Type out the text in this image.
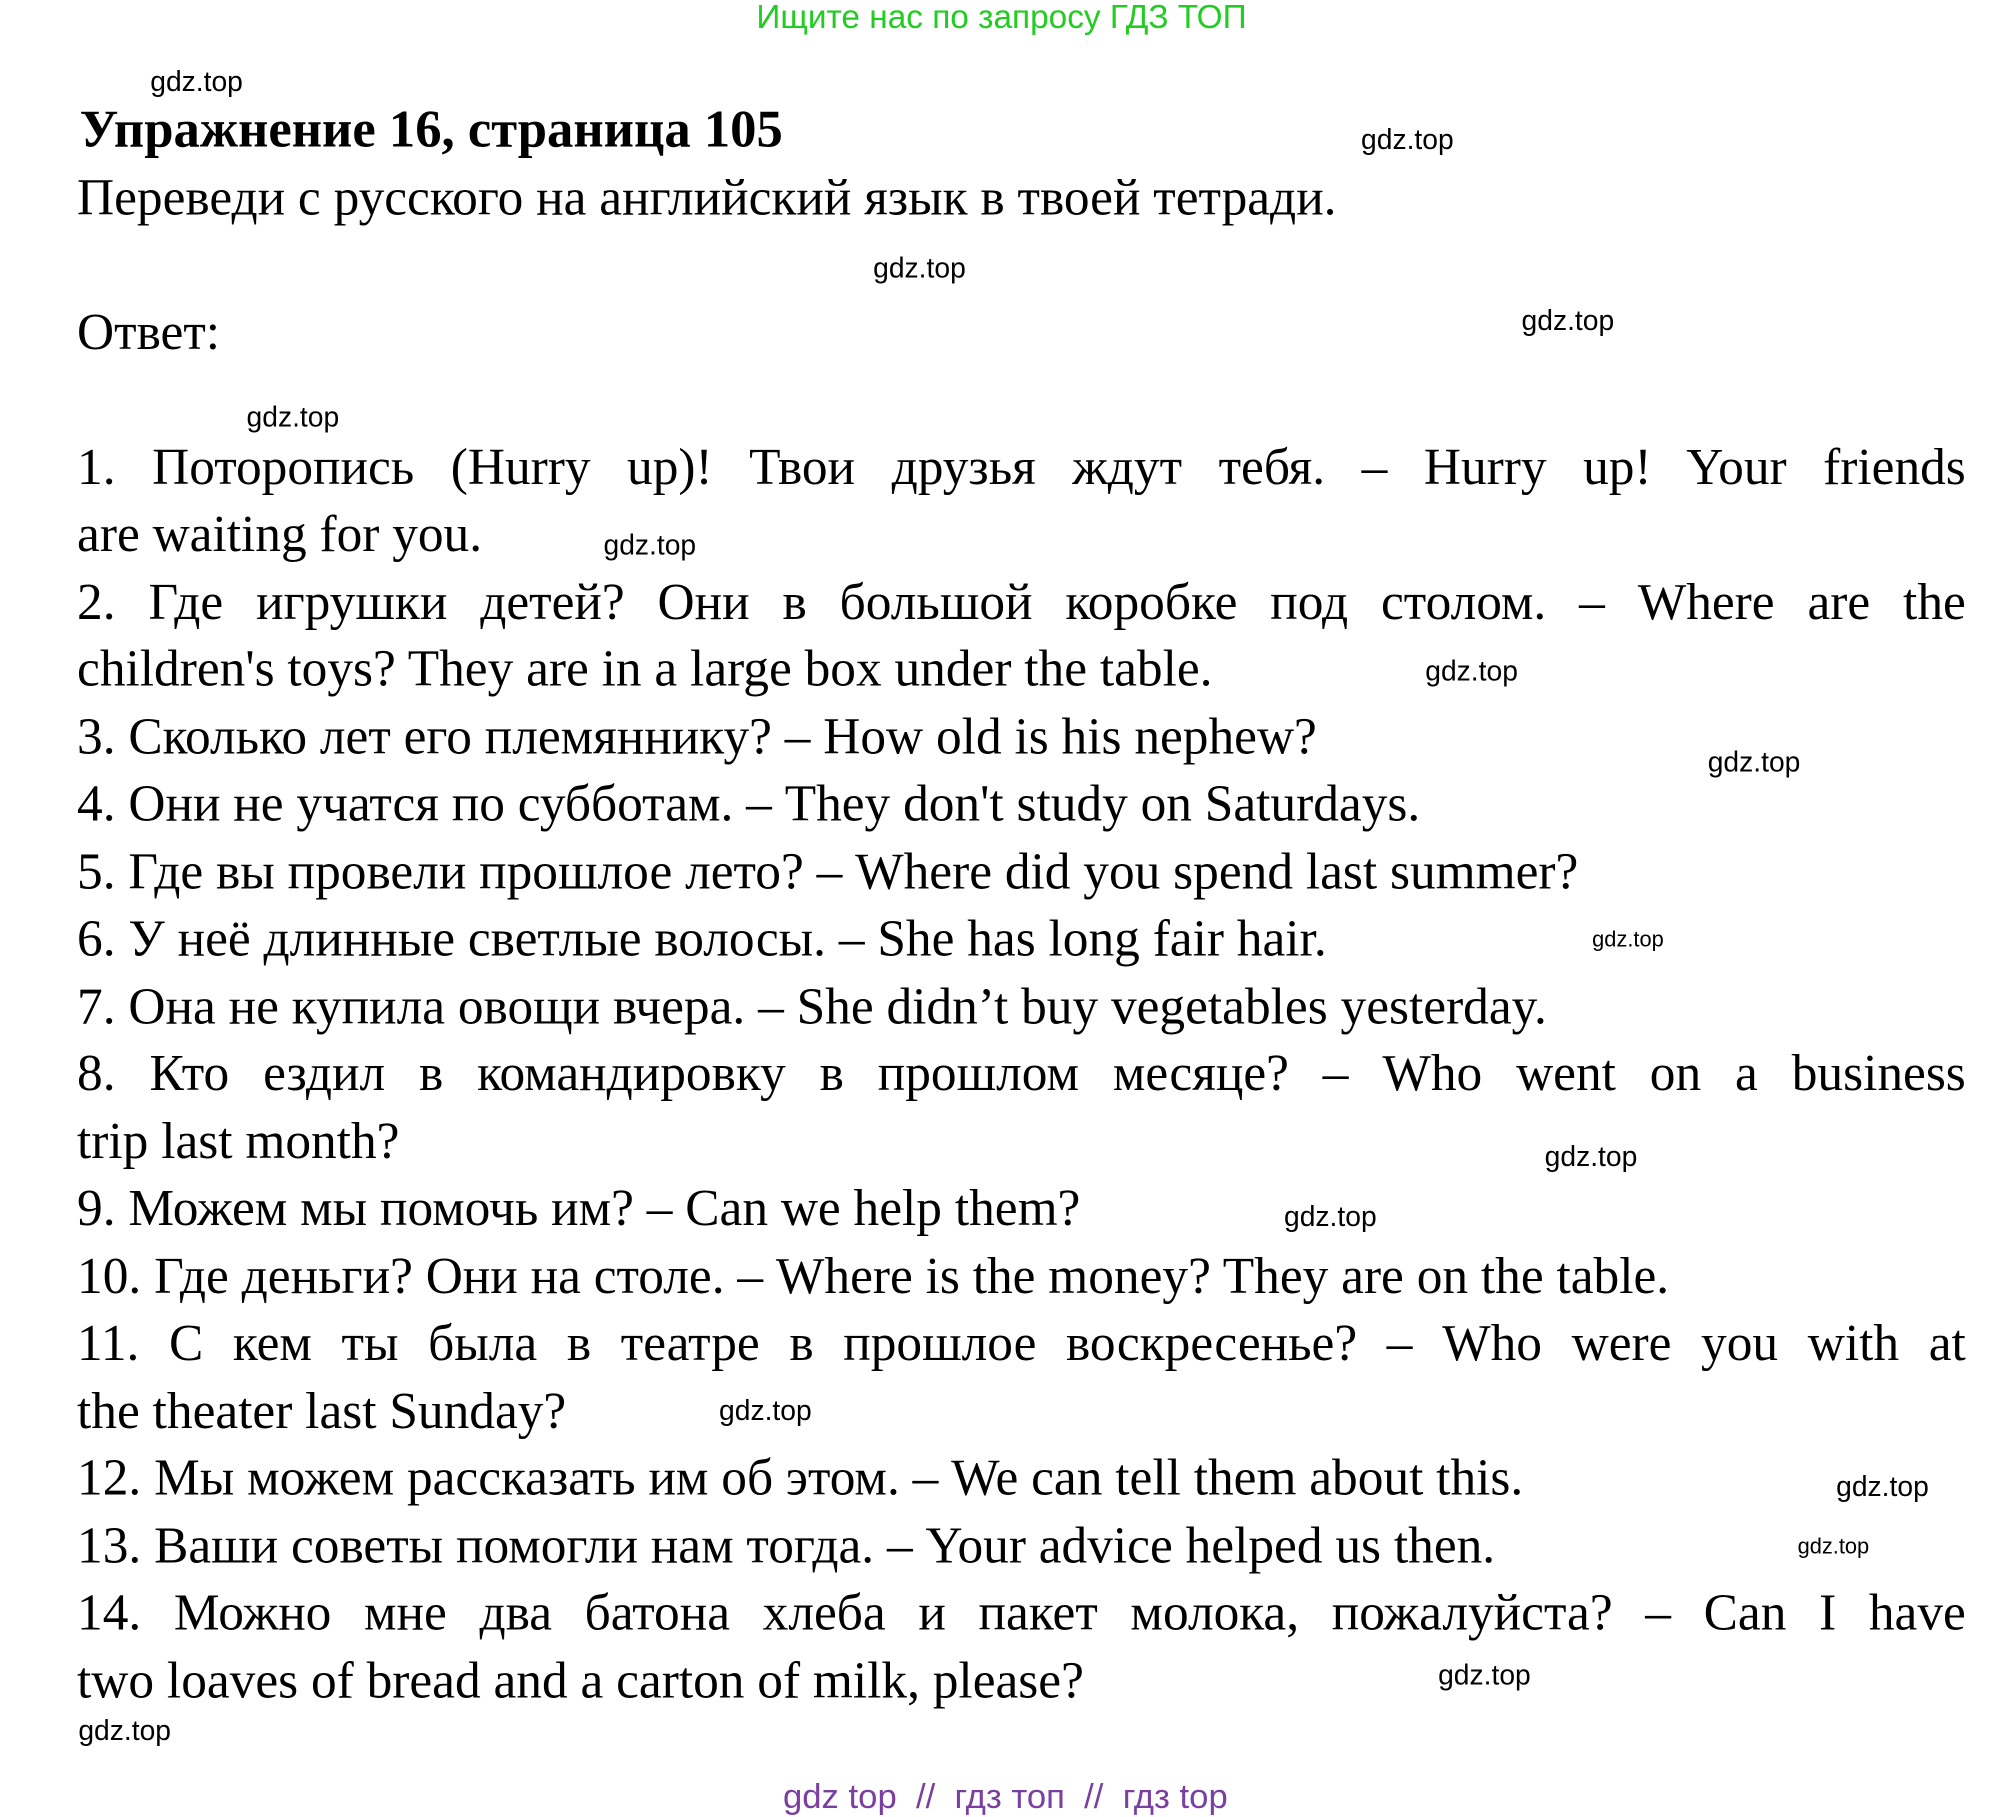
Ищите нас по запросу ГДЗ ТОП
Упражнение 16, страница 105
Переведи с русского на английский язык в твоей тетради.
Ответ:
1. Поторопись (Hurry up)! Твои друзья ждут тебя. – Hurry up! Your friends
are waiting for you.
2. Где игрушки детей? Они в большой коробке под столом. – Where are the
children's toys? They are in a large box under the table.
3. Сколько лет его племяннику? – How old is his nephew?
4. Они не учатся по субботам. – They don't study on Saturdays.
5. Где вы провели прошлое лето? – Where did you spend last summer?
6. У неё длинные светлые волосы. – She has long fair hair.
7. Она не купила овощи вчера. – She didn’t buy vegetables yesterday.
8. Кто ездил в командировку в прошлом месяце? – Who went on a business
trip last month?
9. Можем мы помочь им? – Can we help them?
10. Где деньги? Они на столе. – Where is the money? They are on the table.
11. С кем ты была в театре в прошлое воскресенье? – Who were you with at
the theater last Sunday?
12. Мы можем рассказать им об этом. – We can tell them about this.
13. Ваши советы помогли нам тогда. – Your advice helped us then.
14. Можно мне два батона хлеба и пакет молока, пожалуйста? – Can I have
two loaves of bread and a carton of milk, please?
gdz.top
gdz.top
gdz.top
gdz.top
gdz.top
gdz.top
gdz.top
gdz.top
gdz.top
gdz.top
gdz.top
gdz.top
gdz.top
gdz.top
gdz.top
gdz.top
gdz top  //  гдз топ  //  гдз top
